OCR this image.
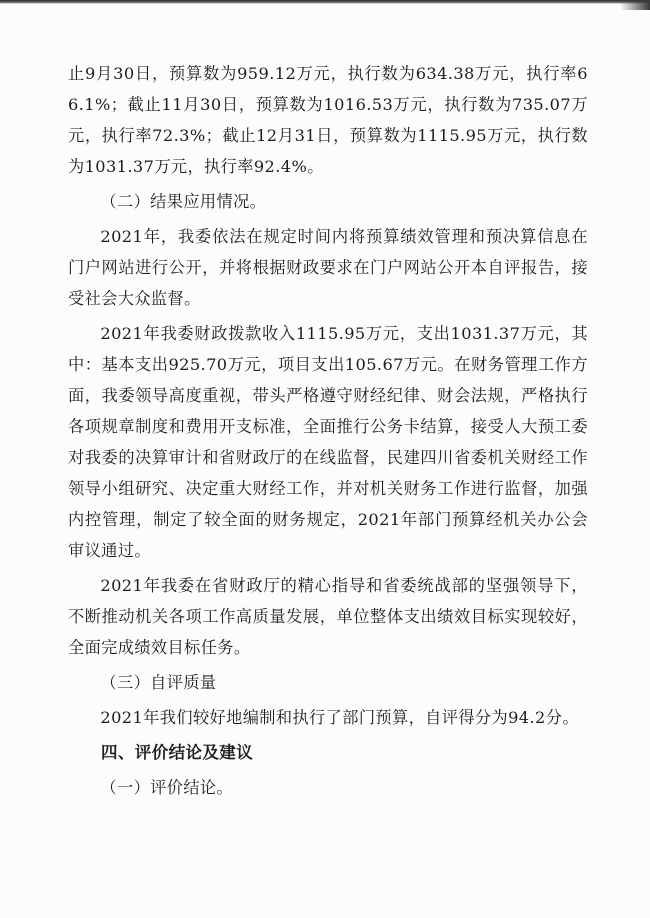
止9月30日，预算数为959.12万元，执行数为634.38万元，执行率66.1%；截止11月30日，预算数为1016.53万元，执行数为735.07万元，执行率72.3%；截止12月31日，预算数为1115.95万元，执行数为1031.37万元，执行率92.4%。

（二）结果应用情况。

2021年，我委依法在规定时间内将预算绩效管理和预决算信息在门户网站进行公开，并将根据财政要求在门户网站公开本自评报告，接受社会大众监督。

2021年我委财政拨款收入1115.95万元，支出1031.37万元，其中：基本支出925.70万元，项目支出105.67万元。在财务管理工作方面，我委领导高度重视，带头严格遵守财经纪律、财会法规，严格执行各项规章制度和费用开支标准，全面推行公务卡结算，接受人大预工委对我委的决算审计和省财政厅的在线监督，民建四川省委机关财经工作领导小组研究、决定重大财经工作，并对机关财务工作进行监督，加强内控管理，制定了较全面的财务规定，2021年部门预算经机关办公会审议通过。

2021年我委在省财政厅的精心指导和省委统战部的坚强领导下，不断推动机关各项工作高质量发展，单位整体支出绩效目标实现较好，全面完成绩效目标任务。

（三）自评质量

2021年我们较好地编制和执行了部门预算，自评得分为94.2分。

四、评价结论及建议

（一）评价结论。
